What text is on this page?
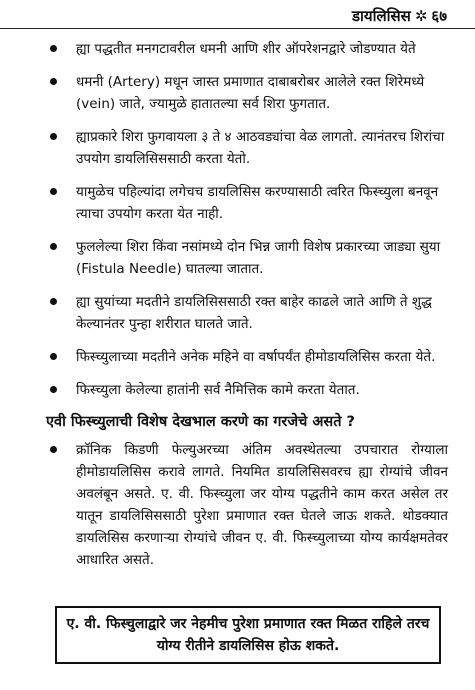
डायलिसिस ✲ ६७
ह्या पद्धतीत मनगटावरील धमनी आणि शीर ऑपरेशनद्वारे जोडण्यात येते
धमनी (Artery) मधून जास्त प्रमाणात दाबाबरोबर आलेले रक्त शिरेमध्ये (vein) जाते, ज्यामुळे हातातल्या सर्व शिरा फुगतात.
ह्याप्रकारे शिरा फुगवायला ३ ते ४ आठवड्यांचा वेळ लागतो. त्यानंतरच शिरांचा उपयोग डायलिसिससाठी करता येतो.
यामुळेच पहिल्यांदा लगेचच डायलिसिस करण्यासाठी त्वरित फिस्च्युला बनवून त्याचा उपयोग करता येत नाही.
फुललेल्या शिरा किंवा नसांमध्ये दोन भिन्न जागी विशेष प्रकारच्या जाड्या सुया (Fistula Needle) घातल्या जातात.
ह्या सुयांच्या मदतीने डायलिसिससाठी रक्त बाहेर काढले जाते आणि ते शुद्ध केल्यानंतर पुन्हा शरीरात घालते जाते.
फिस्च्युलाच्या मदतीने अनेक महिने वा वर्षापर्यंत हीमोडायलिसिस करता येते.
फिस्च्युला केलेल्या हातांनी सर्व नैमित्तिक कामे करता येतात.
एवी फिस्च्युलाची विशेष देखभाल करणे का गरजेचे असते ?
क्रॉनिक किडणी फेल्युअरच्या अंतिम अवस्थेतल्या उपचारात रोग्याला हीमोडायलिसिस करावे लागते. नियमित डायलिसिसवरच ह्या रोग्यांचे जीवन अवलंबून असते. ए. वी. फिस्च्युला जर योग्य पद्धतीने काम करत असेल तर यातून डायलिसिससाठी पुरेशा प्रमाणात रक्त घेतले जाऊ शकते. थोडक्यात डायलिसिस करणाऱ्या रोग्यांचे जीवन ए. वी. फिस्च्युलाच्या योग्य कार्यक्षमतेवर आधारित असते.
ए. वी. फिस्चुलाद्वारे जर नेहमीच पुरेशा प्रमाणात रक्त मिळत राहिले तरच योग्य रीतीने डायलिसिस होऊ शकते.
